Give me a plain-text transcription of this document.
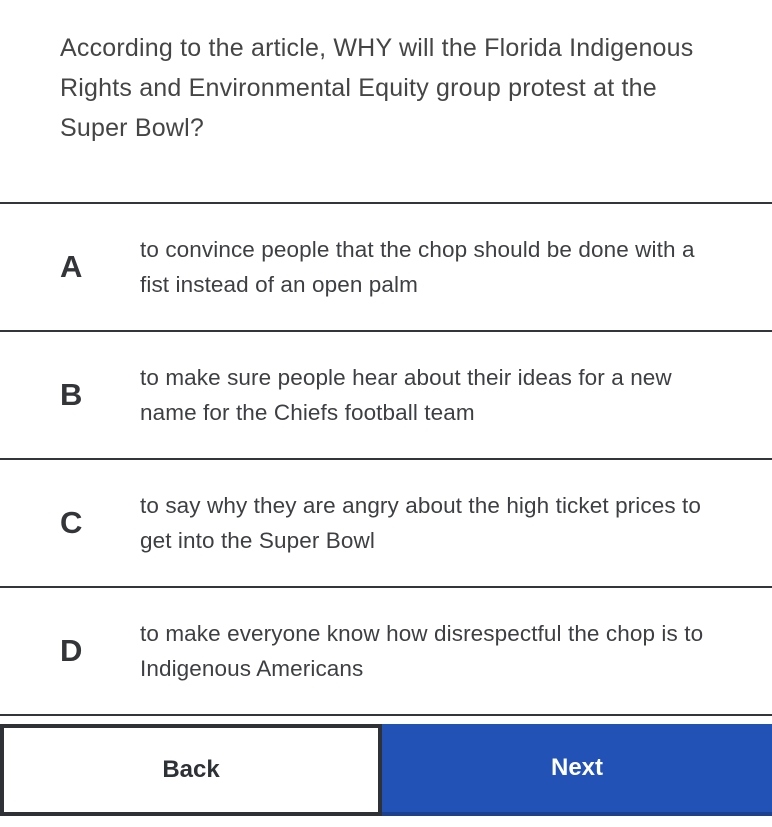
According to the article, WHY will the Florida Indigenous Rights and Environmental Equity group protest at the Super Bowl?
A	to convince people that the chop should be done with a fist instead of an open palm
B	to make sure people hear about their ideas for a new name for the Chiefs football team
C	to say why they are angry about the high ticket prices to get into the Super Bowl
D	to make everyone know how disrespectful the chop is to Indigenous Americans
Back	Next
